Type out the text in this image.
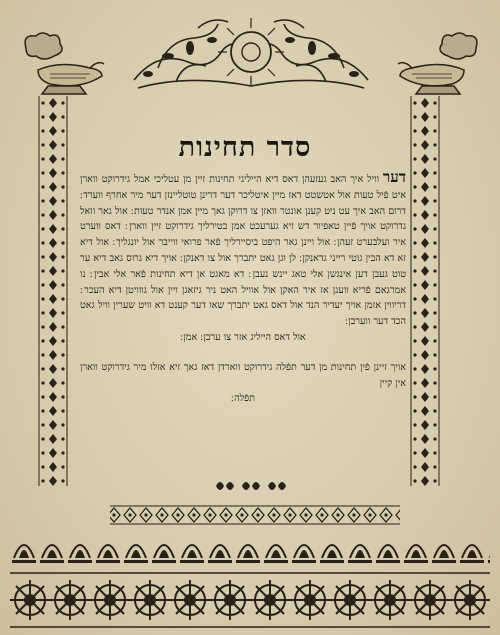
סדר תחינות

דער וויל איך האב געזעהן דאס דיא הייליגי תחינות זיין מן עטליכי אמל גידרוקט ווארן איט פֿיל טעות אול אטשטט דאז מיין איטליכר דער דרינן טוטליינזן דער מיר אחרף ווערד ׃ דרום האב איך עט ניט קענן אונטר וואזן צו דרוקן גאך מיין אמן אנדר טעות ׃ אול גאר וואל גדרוקט אויך פֿיין טאפיור דש זיא גערעכט אמן בטירליך גידרוקט זיין ווארן ׃ דאס ווערט איר ועלבערט זעהן ׃ אול ויינן גאר היפט ביסיירליך פֿאר פרואי ווייבר אול יונגליך ׃ אול דיא זא דא הבין גוטי רייני גדאנקן ׃ לן וגן גאט יתברך אול צו דאנקן ׃ אויך דיא גרוס גאב דיא ער טוט געבן דען אינגשן אלי טאג יינש נעבן ׃ דא מאגט אן דיא תחינות פֿאר אלי אבין ׃ נו אמרגאם פֿריא וועגן אז איר האקן אול אוויל האט ניר גיזאגן ויין אול גווויטן דיא העכר ׃ דריווין אזמן אויך יעדיר הנד אול דאס גאט יתברך שאו דער קענט דא וויט שערין וויל גאט הכד דער ווערבן ׃

אול דאס הייליג אזר צו ערבן ׃ אמן ׃

אויך זיינן פֿין תחינות מן דער תפֿלה גידרוקט ווארדן דאז גאך זיא אזלו מיר גידרוקט ווארן אין קיין

תפֿלה ׃
